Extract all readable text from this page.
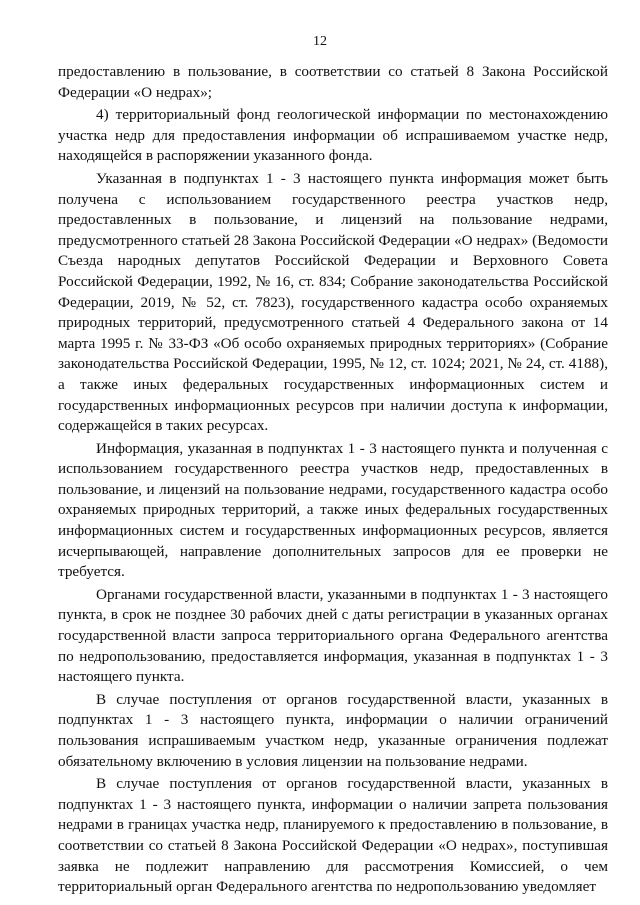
12

предоставлению в пользование, в соответствии со статьей 8 Закона Российской Федерации «О недрах»;

4) территориальный фонд геологической информации по местонахождению участка недр для предоставления информации об испрашиваемом участке недр, находящейся в распоряжении указанного фонда.

Указанная в подпунктах 1 - 3 настоящего пункта информация может быть получена с использованием государственного реестра участков недр, предоставленных в пользование, и лицензий на пользование недрами, предусмотренного статьей 28 Закона Российской Федерации «О недрах» (Ведомости Съезда народных депутатов Российской Федерации и Верховного Совета Российской Федерации, 1992, № 16, ст. 834; Собрание законодательства Российской Федерации, 2019, № 52, ст. 7823), государственного кадастра особо охраняемых природных территорий, предусмотренного статьей 4 Федерального закона от 14 марта 1995 г. № 33-ФЗ «Об особо охраняемых природных территориях» (Собрание законодательства Российской Федерации, 1995, № 12, ст. 1024; 2021, № 24, ст. 4188), а также иных федеральных государственных информационных систем и государственных информационных ресурсов при наличии доступа к информации, содержащейся в таких ресурсах.

Информация, указанная в подпунктах 1 - 3 настоящего пункта и полученная с использованием государственного реестра участков недр, предоставленных в пользование, и лицензий на пользование недрами, государственного кадастра особо охраняемых природных территорий, а также иных федеральных государственных информационных систем и государственных информационных ресурсов, является исчерпывающей, направление дополнительных запросов для ее проверки не требуется.

Органами государственной власти, указанными в подпунктах 1 - 3 настоящего пункта, в срок не позднее 30 рабочих дней с даты регистрации в указанных органах государственной власти запроса территориального органа Федерального агентства по недропользованию, предоставляется информация, указанная в подпунктах 1 - 3 настоящего пункта.

В случае поступления от органов государственной власти, указанных в подпунктах 1 - 3 настоящего пункта, информации о наличии ограничений пользования испрашиваемым участком недр, указанные ограничения подлежат обязательному включению в условия лицензии на пользование недрами.

В случае поступления от органов государственной власти, указанных в подпунктах 1 - 3 настоящего пункта, информации о наличии запрета пользования недрами в границах участка недр, планируемого к предоставлению в пользование, в соответствии со статьей 8 Закона Российской Федерации «О недрах», поступившая заявка не подлежит направлению для рассмотрения Комиссией, о чем территориальный орган Федерального агентства по недропользованию уведомляет
